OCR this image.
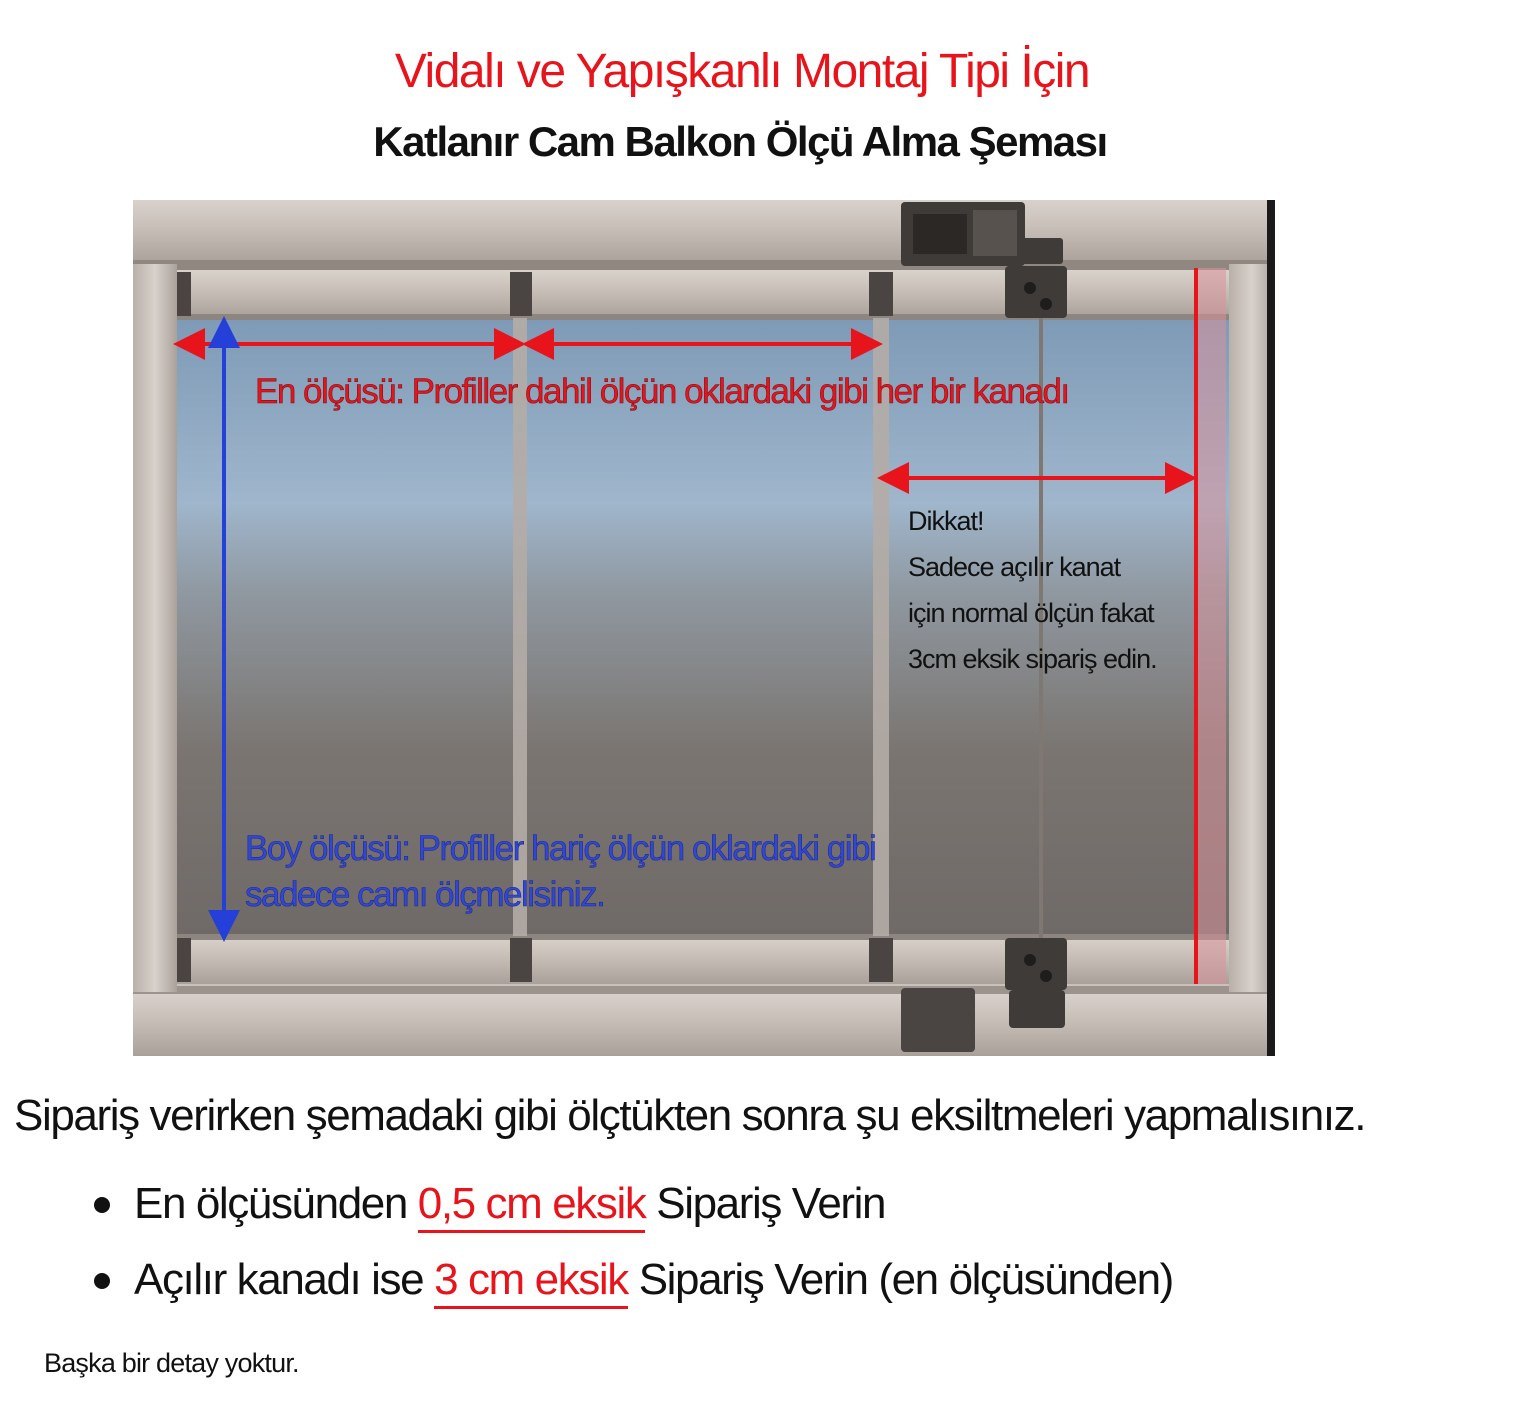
Vidalı ve Yapışkanlı Montaj Tipi İçin
Katlanır Cam Balkon Ölçü Alma Şeması
En ölçüsü: Profiller dahil ölçün oklardaki gibi her bir kanadı
Boy ölçüsü: Profiller hariç ölçün oklardaki gibi
sadece camı ölçmelisiniz.
Dikkat!
Sadece açılır kanat
için normal ölçün fakat
3cm eksik sipariş edin.
Sipariş verirken şemadaki gibi ölçtükten sonra şu eksiltmeleri yapmalısınız.
En ölçüsünden 0,5 cm eksik Sipariş Verin
Açılır kanadı ise 3 cm eksik Sipariş Verin (en ölçüsünden)
Başka bir detay yoktur.
